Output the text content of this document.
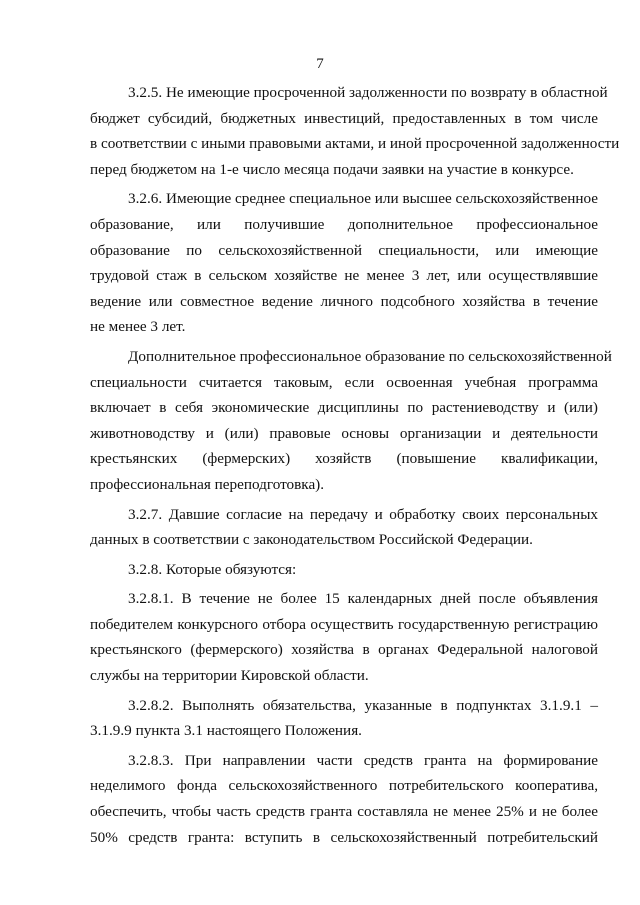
7
3.2.5. Не имеющие просроченной задолженности по возврату в областной
бюджет субсидий, бюджетных инвестиций, предоставленных в том числе
в соответствии с иными правовыми актами, и иной просроченной задолженности
перед бюджетом на 1-е число месяца подачи заявки на участие в конкурсе.
3.2.6. Имеющие среднее специальное или высшее сельскохозяйственное
образование, или получившие дополнительное профессиональное
образование по сельскохозяйственной специальности, или имеющие
трудовой стаж в сельском хозяйстве не менее 3 лет, или осуществлявшие
ведение или совместное ведение личного подсобного хозяйства в течение
не менее 3 лет.
Дополнительное профессиональное образование по сельскохозяйственной
специальности считается таковым, если освоенная учебная программа
включает в себя экономические дисциплины по растениеводству и (или)
животноводству и (или) правовые основы организации и деятельности
крестьянских (фермерских) хозяйств (повышение квалификации,
профессиональная переподготовка).
3.2.7. Давшие согласие на передачу и обработку своих персональных
данных в соответствии с законодательством Российской Федерации.
3.2.8. Которые обязуются:
3.2.8.1. В течение не более 15 календарных дней после объявления
победителем конкурсного отбора осуществить государственную регистрацию
крестьянского (фермерского) хозяйства в органах Федеральной налоговой
службы на территории Кировской области.
3.2.8.2. Выполнять обязательства, указанные в подпунктах 3.1.9.1 –
3.1.9.9 пункта 3.1 настоящего Положения.
3.2.8.3. При направлении части средств гранта на формирование
неделимого фонда сельскохозяйственного потребительского кооператива,
обеспечить, чтобы часть средств гранта составляла не менее 25% и не более
50% средств гранта: вступить в сельскохозяйственный потребительский
